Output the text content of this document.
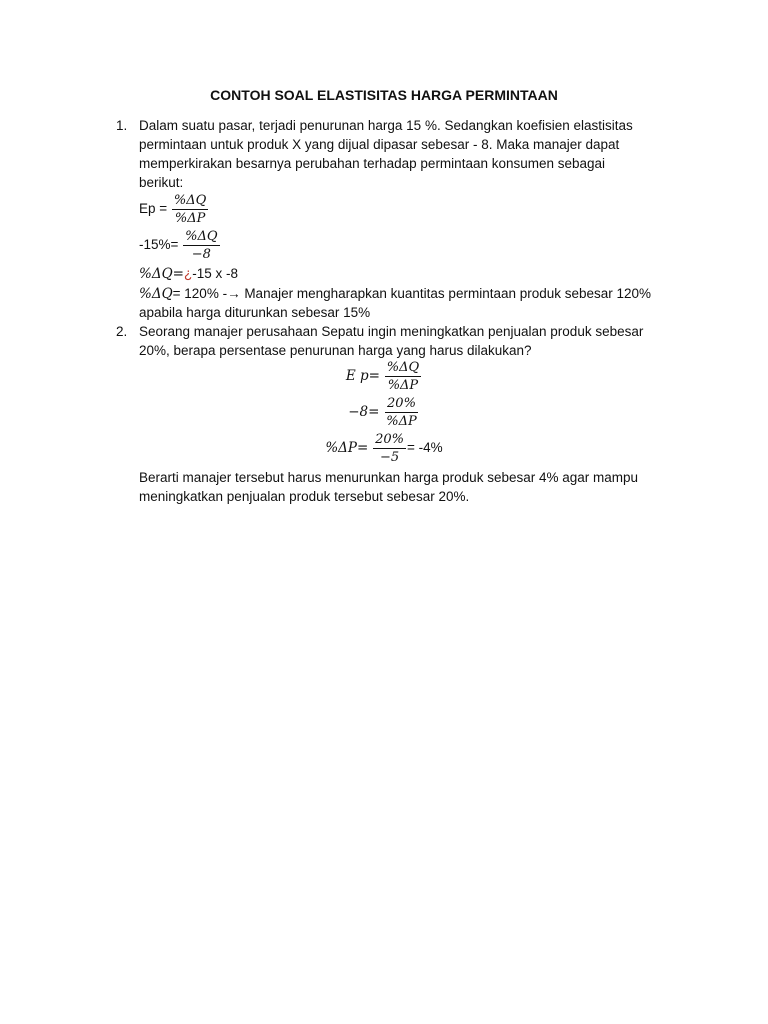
CONTOH SOAL ELASTISITAS HARGA PERMINTAAN
1. Dalam suatu pasar, terjadi penurunan harga 15 %. Sedangkan koefisien elastisitas
permintaan untuk produk X yang dijual dipasar sebesar - 8. Maka manajer dapat
memperkirakan besarnya perubahan terhadap permintaan konsumen sebagai
berikut:
$Ep = \frac{\%\Delta Q}{\%\Delta P}$
$-15\%= \frac{\%\Delta Q}{-8}$
%ΔQ=¿-15 x -8
%ΔQ= 120% -→ Manajer mengharapkan kuantitas permintaan produk sebesar 120%
apabila harga diturunkan sebesar 15%
2. Seorang manajer perusahaan Sepatu ingin meningkatkan penjualan produk sebesar
20%, berapa persentase penurunan harga yang harus dilakukan?
E $p= \frac{\%\Delta Q}{\%\Delta P}$
$-8= \frac{20\%}{\%\Delta P}$
$\%\Delta P= \frac{20\%}{-5} = -4\%$
Berarti manajer tersebut harus menurunkan harga produk sebesar 4% agar mampu
meningkatkan penjualan produk tersebut sebesar 20%.
